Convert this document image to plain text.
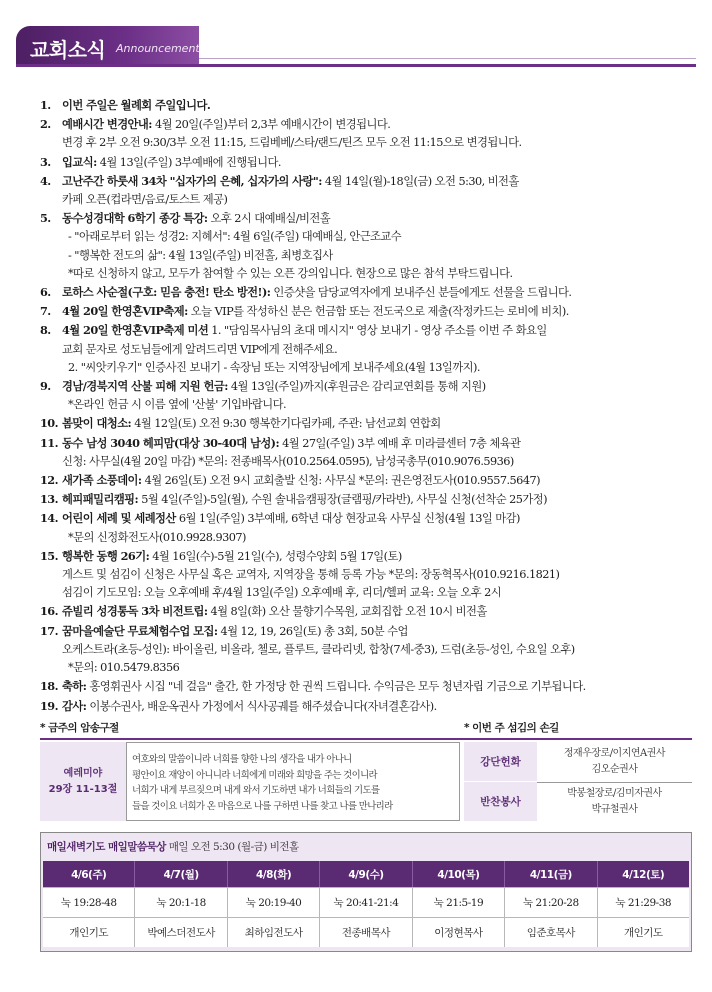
교회소식 Announcement
1. 이번 주일은 월례회 주일입니다.
2. 예배시간 변경안내: 4월 20일(주일)부터 2,3부 예배시간이 변경됩니다.
변경 후 2부 오전 9:30/3부 오전 11:15, 드림베베/스타/랜드/틴즈 모두 오전 11:15으로 변경됩니다.
3. 입교식: 4월 13일(주일) 3부예배에 진행됩니다.
4. 고난주간 하룻새 34차 "십자가의 은혜, 십자가의 사랑": 4월 14일(월)-18일(금) 오전 5:30, 비전홀
카페 오픈(컵라면/음료/토스트 제공)
5. 동수성경대학 6학기 종강 특강: 오후 2시 대예배실/비전홀
- "아래로부터 읽는 성경2: 지혜서": 4월 6일(주일) 대예배실, 안근조교수
- "행복한 전도의 삶": 4월 13일(주일) 비전홀, 최병호집사
*따로 신청하지 않고, 모두가 참여할 수 있는 오픈 강의입니다. 현장으로 많은 참석 부탁드립니다.
6. 로하스 사순절(구호: 믿음 충전! 탄소 방전!): 인증샷을 담당교역자에게 보내주신 분들에게도 선물을 드립니다.
7. 4월 20일 한영혼VIP축제: 오늘 VIP를 작성하신 분은 헌금함 또는 전도국으로 제출(작정카드는 로비에 비치).
8. 4월 20일 한영혼VIP축제 미션 1. "담임목사님의 초대 메시지" 영상 보내기 - 영상 주소를 이번 주 화요일
교회 문자로 성도님들에게 알려드리면 VIP에게 전해주세요.
2. "씨앗키우기" 인증사진 보내기 - 속장님 또는 지역장님에게 보내주세요(4월 13일까지).
9. 경남/경북지역 산불 피해 지원 헌금: 4월 13일(주일)까지(후원금은 감리교연회를 통해 지원)
*온라인 헌금 시 이름 옆에 '산불' 기입바랍니다.
10. 봄맞이 대청소: 4월 12일(토) 오전 9:30 행복한기다림카페, 주관: 남선교회 연합회
11. 동수 남성 3040 헤피맘(대상 30-40대 남성): 4월 27일(주일) 3부 예배 후 미라클센터 7층 체육관
신청: 사무실(4월 20일 마감) *문의: 전종배목사(010.2564.0595), 남성국총무(010.9076.5936)
12. 새가족 소풍데이: 4월 26일(토) 오전 9시 교회출발 신청: 사무실 *문의: 권은영전도사(010.9557.5647)
13. 헤피패밀리캠핑: 5월 4일(주일)-5일(월), 수원 솔내음캠핑장(글램핑/카라반), 사무실 신청(선착순 25가정)
14. 어린이 세례 및 세례정산 6월 1일(주일) 3부예배, 6학년 대상 현장교육 사무실 신청(4월 13일 마감)
*문의 신정화전도사(010.9928.9307)
15. 행복한 동행 26기: 4월 16일(수)-5월 21일(수), 성령수양회 5월 17일(토)
게스트 및 섬김이 신청은 사무실 혹은 교역자, 지역장을 통해 등록 가능 *문의: 장동혁목사(010.9216.1821)
섬김이 기도모임: 오늘 오후예배 후/4월 13일(주일) 오후예배 후, 리더/헬퍼 교육: 오늘 오후 2시
16. 쥬빌리 성경통독 3차 비전트립: 4월 8일(화) 오산 물향기수목원, 교회집합 오전 10시 비전홀
17. 꿈마을예술단 무료체험수업 모집: 4월 12, 19, 26일(토) 총 3회, 50분 수업
오케스트라(초등-성인): 바이올린, 비올라, 첼로, 플루트, 클라리넷, 합창(7세-중3), 드럼(초등-성인, 수요일 오후)
*문의: 010.5479.8356
18. 축하: 홍영휘권사 시집 "네 걸음" 출간, 한 가정당 한 권씩 드립니다. 수익금은 모두 청년자립 기금으로 기부됩니다.
19. 감사: 이봉수권사, 배운옥권사 가정에서 식사공궤를 해주셨습니다(자녀결혼감사).
* 금주의 암송구절	* 이번 주 섬김의 손길
예레미야
29장 11-13절
여호와의 말씀이니라 너희를 향한 나의 생각을 내가 아나니
평안이요 재앙이 아니니라 너희에게 미래와 희망을 주는 것이니라
너희가 내게 부르짖으며 내게 와서 기도하면 내가 너희들의 기도를
들을 것이요 너희가 온 마음으로 나를 구하면 나를 찾고 나를 만나리라
강단헌화
정재우장로/이지연A권사
김오순권사
반찬봉사
박봉철장로/김미자권사
박규철권사
매일새벽기도 매일말씀묵상 매일 오전 5:30 (월-금) 비전홀
4/6(주)	4/7(월)	4/8(화)	4/9(수)	4/10(목)	4/11(금)	4/12(토)
눅 19:28-48	눅 20:1-18	눅 20:19-40	눅 20:41-21:4	눅 21:5-19	눅 21:20-28	눅 21:29-38
개인기도	박예스더전도사	최하임전도사	전종배목사	이정현목사	임준호목사	개인기도
